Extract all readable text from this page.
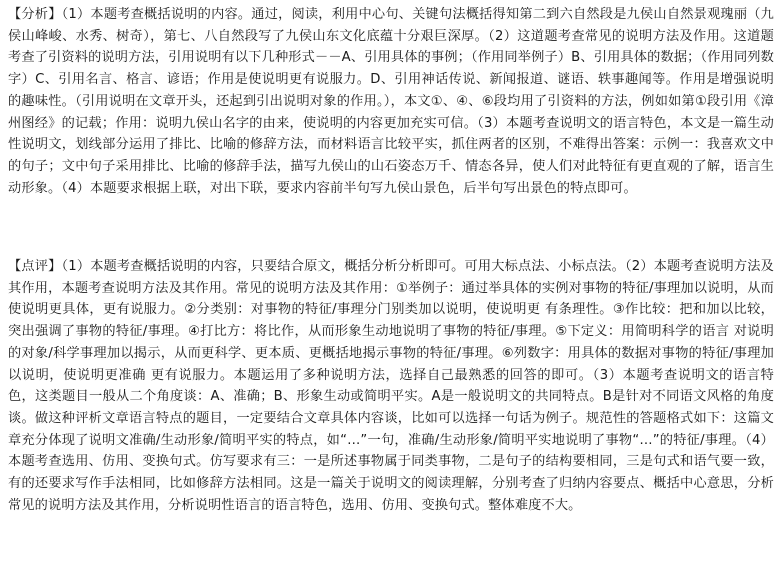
【分析】（1）本题考查概括说明的内容。通过，阅读，利用中心句、关键句法概括得知第二到六自然段是九侯山自然景观瑰丽（九侯山峰峻、水秀、树奇），第七、八自然段写了九侯山东文化底蕴十分艰巨深厚。（2）这道题考查常见的说明方法及作用。这道题考查了引资料的说明方法，引用说明有以下几种形式－－A、引用具体的事例；（作用同举例子）B、引用具体的数据；（作用同列数字）C、引用名言、格言、谚语；作用是使说明更有说服力。D、引用神话传说、新闻报道、谜语、轶事趣闻等。作用是增强说明的趣味性。（引用说明在文章开头，还起到引出说明对象的作用。），本文①、④、⑥段均用了引资料的方法，例如如第①段引用《漳州图经》的记载；作用：说明九侯山名字的由来，使说明的内容更加充实可信。（3）本题考查说明文的语言特色，本文是一篇生动性说明文，划线部分运用了排比、比喻的修辞方法，而材料语言比较平实，抓住两者的区别，不难得出答案：示例一：我喜欢文中的句子；文中句子采用排比、比喻的修辞手法，描写九侯山的山石姿态万千、情态各异，使人们对此特征有更直观的了解，语言生动形象。（4）本题要求根据上联，对出下联，要求内容前半句写九侯山景色，后半句写出景色的特点即可。

【点评】（1）本题考查概括说明的内容，只要结合原文，概括分析分析即可。可用大标点法、小标点法。（2）本题考查说明方法及其作用，本题考查说明方法及其作用。常见的说明方法及其作用：①举例子：通过举具体的实例对事物的特征/事理加以说明，从而使说明更具体，更有说服力。②分类别：对事物的特征/事理分门别类加以说明，使说明更 有条理性。③作比较：把和加以比较，突出强调了事物的特征/事理。④打比方：将比作，从而形象生动地说明了事物的特征/事理。⑤下定义：用简明科学的语言 对说明的对象/科学事理加以揭示，从而更科学、更本质、更概括地揭示事物的特征/事理。⑥列数字：用具体的数据对事物的特征/事理加以说明，使说明更准确 更有说服力。本题运用了多种说明方法，选择自己最熟悉的回答的即可。（3）本题考查说明文的语言特色，这类题目一般从二个角度谈：A、准确；B、形象生动或简明平实。A是一般说明文的共同特点。B是针对不同语文风格的角度谈。做这种评析文章语言特点的题目，一定要结合文章具体内容谈，比如可以选择一句话为例子。规范性的答题格式如下：这篇文章充分体现了说明文准确/生动形象/简明平实的特点，如“…”一句，准确/生动形象/简明平实地说明了事物“…”的特征/事理。（4）本题考查选用、仿用、变换句式。仿写要求有三：一是所述事物属于同类事物，二是句子的结构要相同，三是句式和语气要一致，有的还要求写作手法相同，比如修辞方法相同。这是一篇关于说明文的阅读理解，分别考查了归纳内容要点、概括中心意思，分析常见的说明方法及其作用，分析说明性语言的语言特色，选用、仿用、变换句式。整体难度不大。
